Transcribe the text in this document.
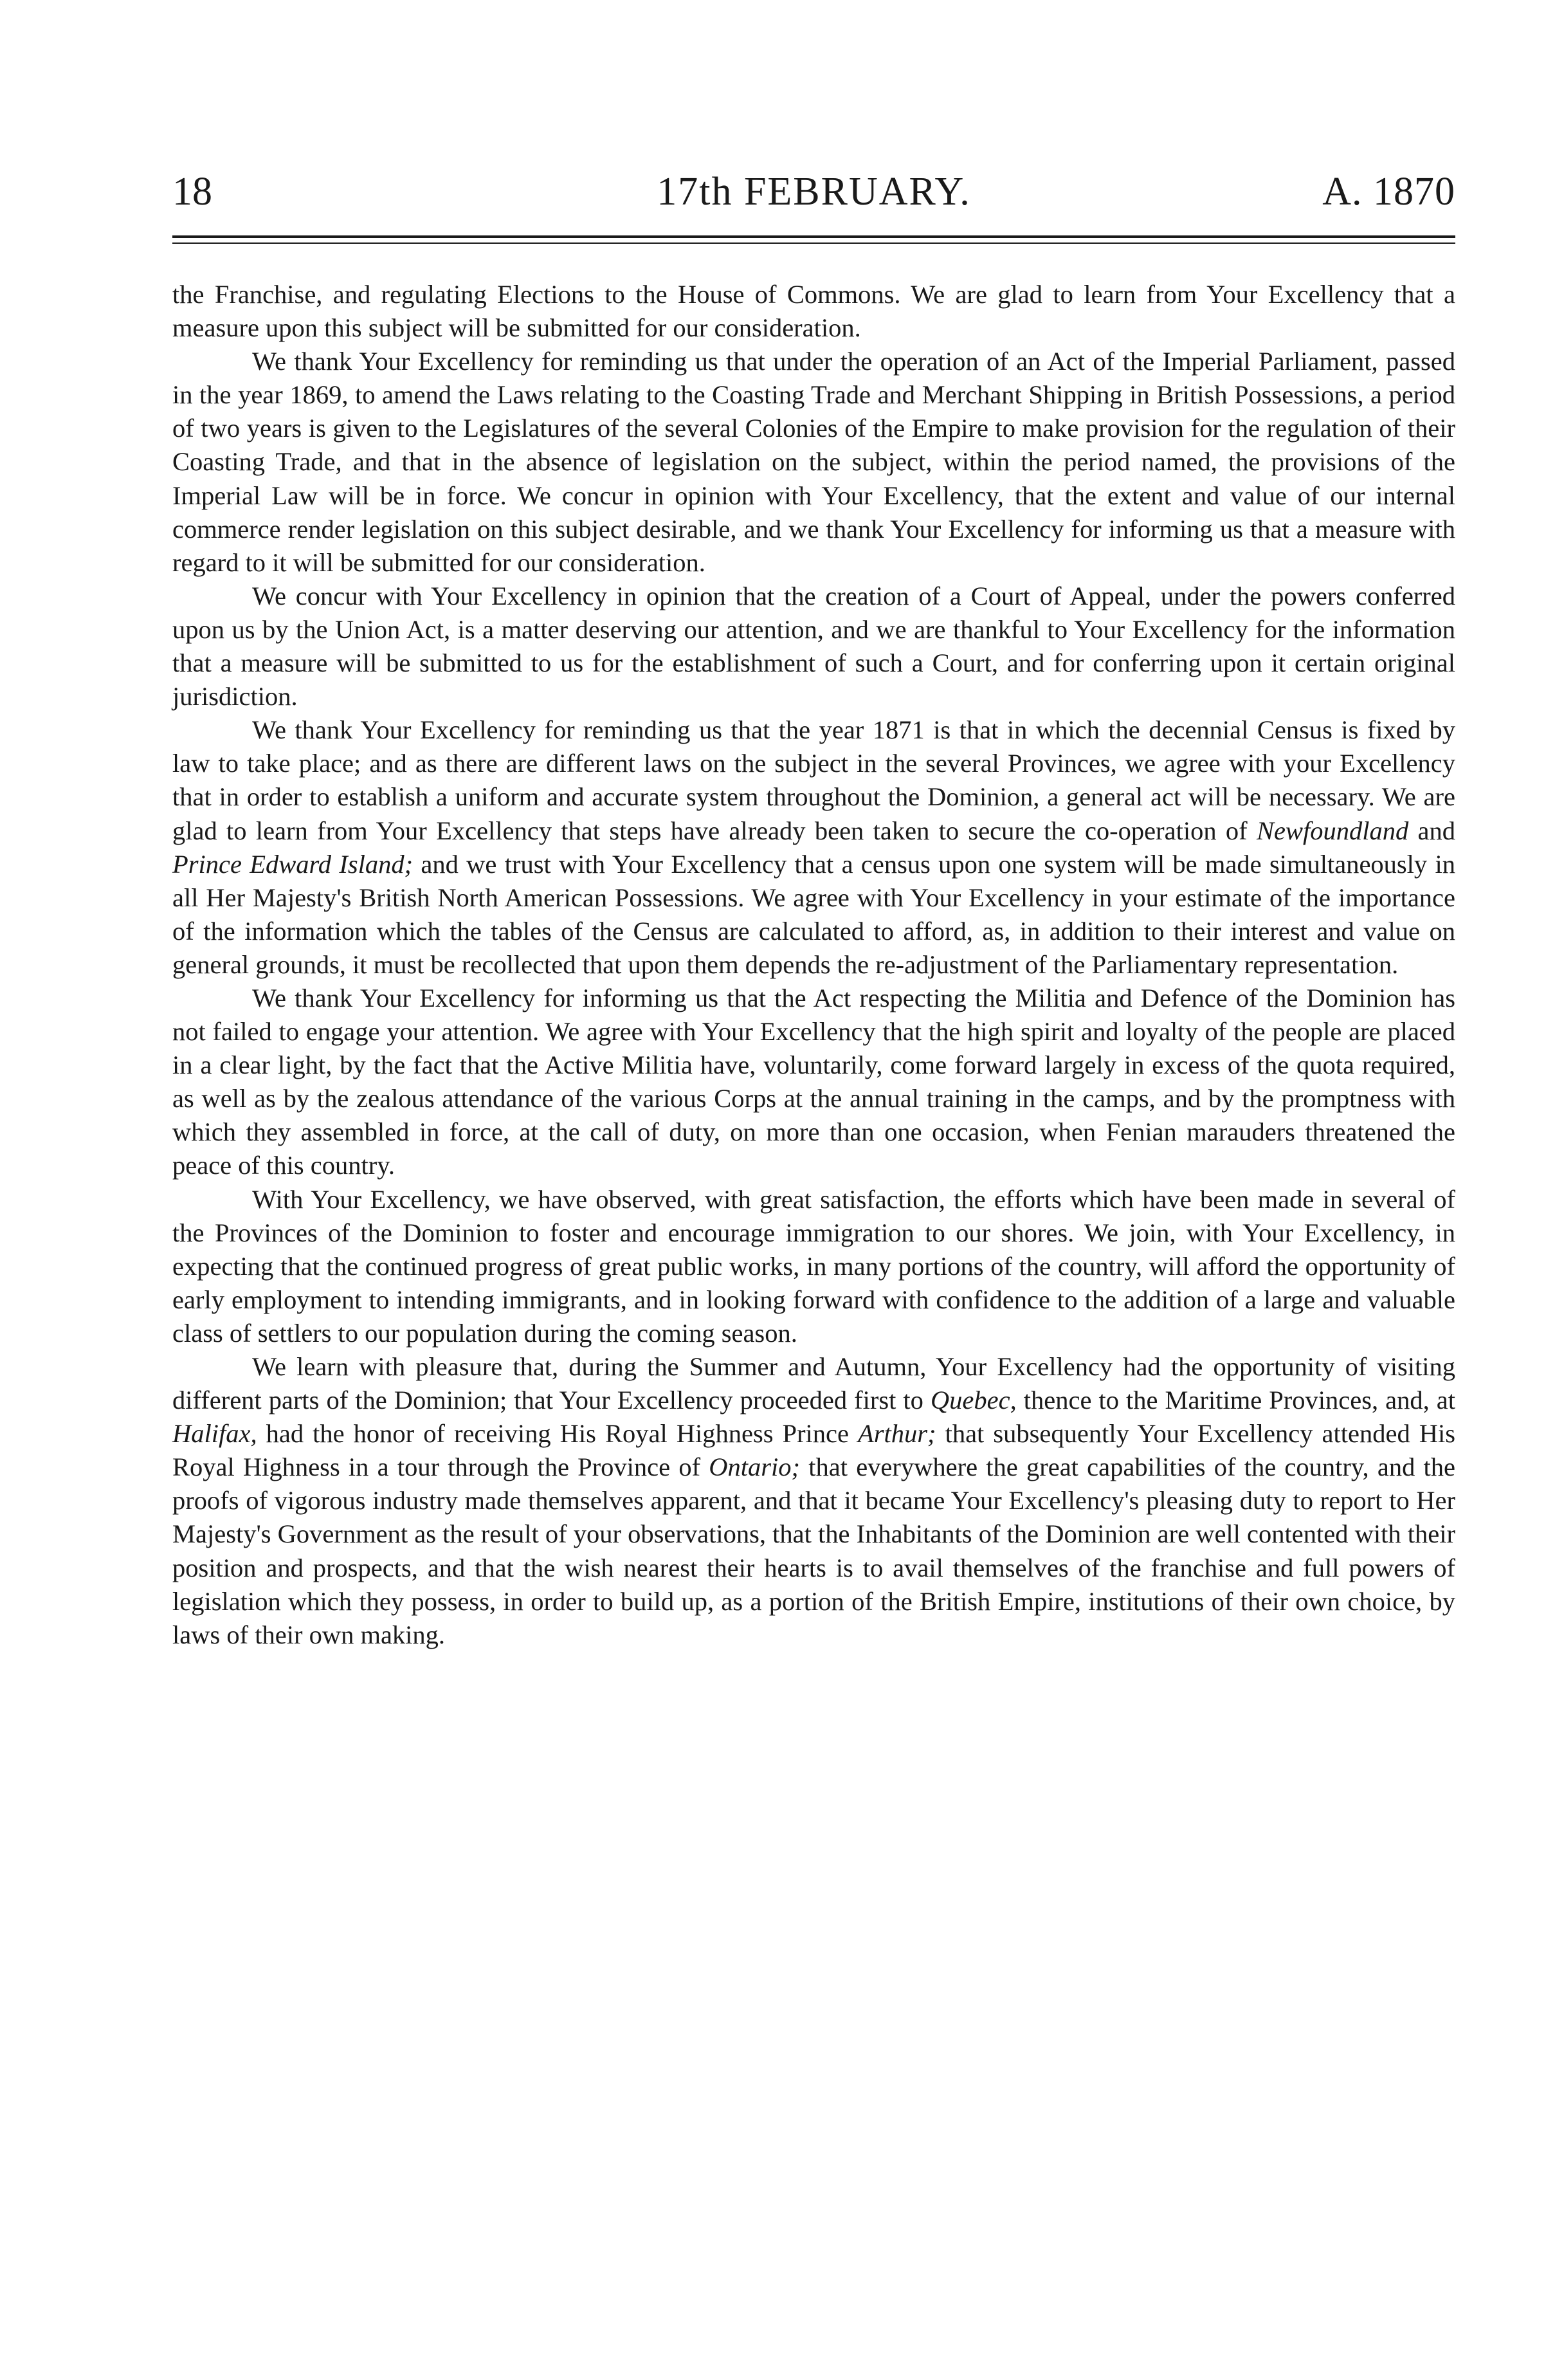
18	17th FEBRUARY.	A. 1870

the Franchise, and regulating Elections to the House of Commons. We are glad to learn from Your Excellency that a measure upon this subject will be submitted for our consideration.

We thank Your Excellency for reminding us that under the operation of an Act of the Imperial Parliament, passed in the year 1869, to amend the Laws relating to the Coasting Trade and Merchant Shipping in British Possessions, a period of two years is given to the Legislatures of the several Colonies of the Empire to make provision for the regulation of their Coasting Trade, and that in the absence of legislation on the subject, within the period named, the provisions of the Imperial Law will be in force. We concur in opinion with Your Excellency, that the extent and value of our internal commerce render legislation on this subject desirable, and we thank Your Excellency for informing us that a measure with regard to it will be submitted for our consideration.

We concur with Your Excellency in opinion that the creation of a Court of Appeal, under the powers conferred upon us by the Union Act, is a matter deserving our attention, and we are thankful to Your Excellency for the information that a measure will be submitted to us for the establishment of such a Court, and for conferring upon it certain original jurisdiction.

We thank Your Excellency for reminding us that the year 1871 is that in which the decennial Census is fixed by law to take place; and as there are different laws on the subject in the several Provinces, we agree with your Excellency that in order to establish a uniform and accurate system throughout the Dominion, a general act will be necessary. We are glad to learn from Your Excellency that steps have already been taken to secure the co-operation of Newfoundland and Prince Edward Island; and we trust with Your Excellency that a census upon one system will be made simultaneously in all Her Majesty's British North American Possessions. We agree with Your Excellency in your estimate of the importance of the information which the tables of the Census are calculated to afford, as, in addition to their interest and value on general grounds, it must be recollected that upon them depends the re-adjustment of the Parliamentary representation.

We thank Your Excellency for informing us that the Act respecting the Militia and Defence of the Dominion has not failed to engage your attention. We agree with Your Excellency that the high spirit and loyalty of the people are placed in a clear light, by the fact that the Active Militia have, voluntarily, come forward largely in excess of the quota required, as well as by the zealous attendance of the various Corps at the annual training in the camps, and by the promptness with which they assembled in force, at the call of duty, on more than one occasion, when Fenian marauders threatened the peace of this country.

With Your Excellency, we have observed, with great satisfaction, the efforts which have been made in several of the Provinces of the Dominion to foster and encourage immigration to our shores. We join, with Your Excellency, in expecting that the continued progress of great public works, in many portions of the country, will afford the opportunity of early employment to intending immigrants, and in looking forward with confidence to the addition of a large and valuable class of settlers to our population during the coming season.

We learn with pleasure that, during the Summer and Autumn, Your Excellency had the opportunity of visiting different parts of the Dominion; that Your Excellency proceeded first to Quebec, thence to the Maritime Provinces, and, at Halifax, had the honor of receiving His Royal Highness Prince Arthur; that subsequently Your Excellency attended His Royal Highness in a tour through the Province of Ontario; that everywhere the great capabilities of the country, and the proofs of vigorous industry made themselves apparent, and that it became Your Excellency's pleasing duty to report to Her Majesty's Government as the result of your observations, that the Inhabitants of the Dominion are well contented with their position and prospects, and that the wish nearest their hearts is to avail themselves of the franchise and full powers of legislation which they possess, in order to build up, as a portion of the British Empire, institutions of their own choice, by laws of their own making.
